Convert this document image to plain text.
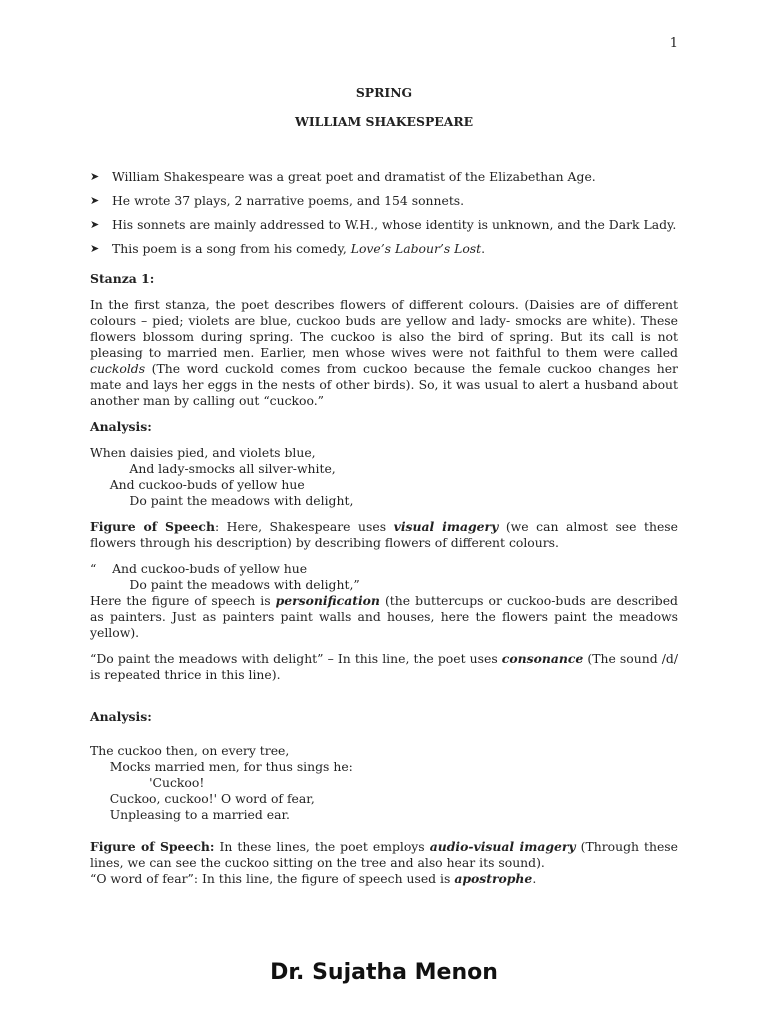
1
SPRING
WILLIAM SHAKESPEARE
➤ William Shakespeare was a great poet and dramatist of the Elizabethan Age.
➤ He wrote 37 plays, 2 narrative poems, and 154 sonnets.
➤ His sonnets are mainly addressed to W.H., whose identity is unknown, and the Dark Lady.
➤ This poem is a song from his comedy, Love’s Labour’s Lost.
Stanza 1:

In the first stanza, the poet describes flowers of different colours. (Daisies are of different colours – pied; violets are blue, cuckoo buds are yellow and lady- smocks are white). These flowers blossom during spring. The cuckoo is also the bird of spring. But its call is not pleasing to married men. Earlier, men whose wives were not faithful to them were called cuckolds (The word cuckold comes from cuckoo because the female cuckoo changes her mate and lays her eggs in the nests of other birds). So, it was usual to alert a husband about another man by calling out “cuckoo.”

Analysis:
When daisies pied, and violets blue,
And lady-smocks all silver-white,
And cuckoo-buds of yellow hue
Do paint the meadows with delight,

Figure of Speech: Here, Shakespeare uses visual imagery (we can almost see these flowers through his description) by describing flowers of different colours.

“    And cuckoo-buds of yellow hue
Do paint the meadows with delight,”

Here the figure of speech is personification (the buttercups or cuckoo-buds are described as painters. Just as painters paint walls and houses, here the flowers paint the meadows yellow).

“Do paint the meadows with delight” – In this line, the poet uses consonance (The sound /d/ is repeated thrice in this line).

Analysis:
The cuckoo then, on every tree,
Mocks married men, for thus sings he:
'Cuckoo!
Cuckoo, cuckoo!' O word of fear,
Unpleasing to a married ear.

Figure of Speech: In these lines, the poet employs audio-visual imagery (Through these lines, we can see the cuckoo sitting on the tree and also hear its sound).

“O word of fear”: In this line, the figure of speech used is apostrophe.

Dr. Sujatha Menon
